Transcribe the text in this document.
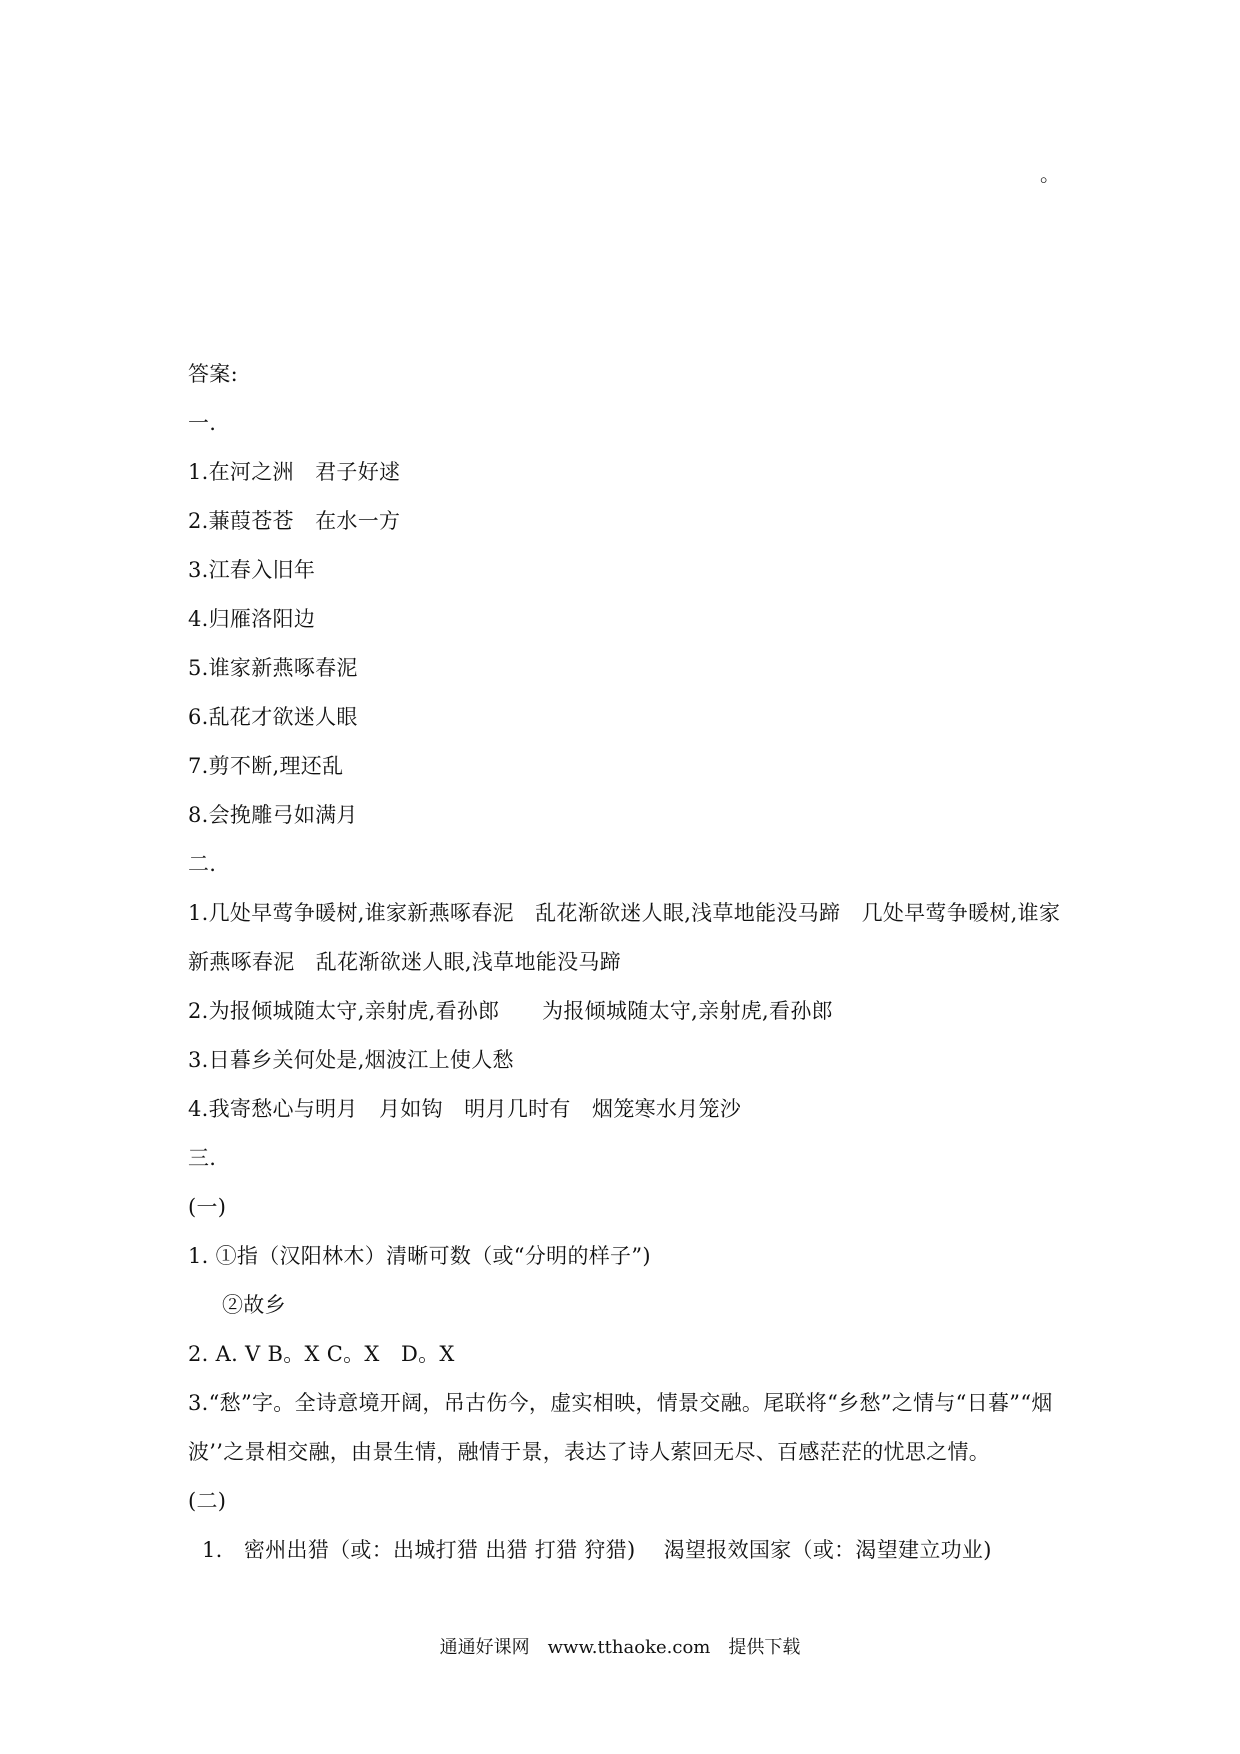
。
答案:
一.
1.在河之洲　君子好逑
2.蒹葭苍苍　在水一方
3.江春入旧年
4.归雁洛阳边
5.谁家新燕啄春泥
6.乱花才欲迷人眼
7.剪不断,理还乱
8.会挽雕弓如满月
二.
1.几处早莺争暖树,谁家新燕啄春泥　乱花渐欲迷人眼,浅草地能没马蹄　几处早莺争暖树,谁家新燕啄春泥　乱花渐欲迷人眼,浅草地能没马蹄
2.为报倾城随太守,亲射虎,看孙郎　　为报倾城随太守,亲射虎,看孙郎
3.日暮乡关何处是,烟波江上使人愁
4.我寄愁心与明月　月如钩　明月几时有　烟笼寒水月笼沙
三.
(一)
1. ①指（汉阳林木）清晰可数（或“分明的样子”)
②故乡
2. A. V B。X C。X　D。X
3.“愁”字。全诗意境开阔，吊古伤今，虚实相映，情景交融。尾联将“乡愁”之情与“日暮”“烟波’’之景相交融，由景生情，融情于景，表达了诗人萦回无尽、百感茫茫的忧思之情。
(二)
1.　密州出猎（或：出城打猎 出猎 打猎 狩猎)　 渴望报效国家（或：渴望建立功业)
通通好课网　www.tthaoke.com　提供下载
